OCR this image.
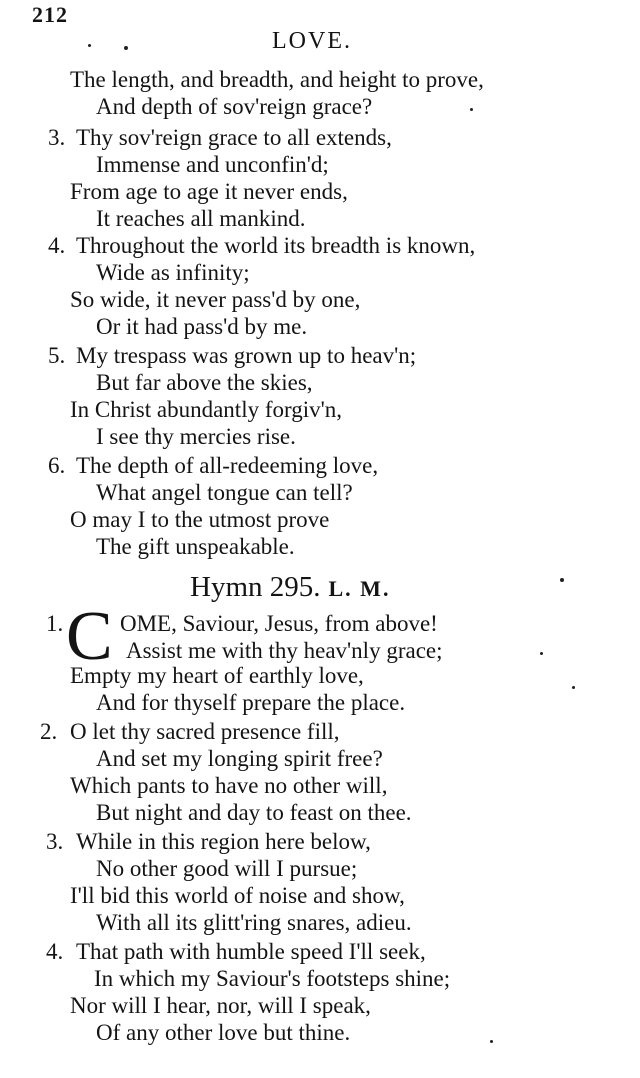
212
LOVE.
The length, and breadth, and height to prove,
And depth of sov'reign grace?
3. Thy sov'reign grace to all extends,
Immense and unconfin'd;
From age to age it never ends,
It reaches all mankind.
4. Throughout the world its breadth is known,
Wide as infinity;
So wide, it never pass'd by one,
Or it had pass'd by me.
5. My trespass was grown up to heav'n;
But far above the skies,
In Christ abundantly forgiv'n,
I see thy mercies rise.
6. The depth of all-redeeming love,
What angel tongue can tell?
O may I to the utmost prove
The gift unspeakable.
Hymn 295. L. M.
1. C OME, Saviour, Jesus, from above!
Assist me with thy heav'nly grace;
Empty my heart of earthly love,
And for thyself prepare the place.
2. O let thy sacred presence fill,
And set my longing spirit free?
Which pants to have no other will,
But night and day to feast on thee.
3. While in this region here below,
No other good will I pursue;
I'll bid this world of noise and show,
With all its glitt'ring snares, adieu.
4. That path with humble speed I'll seek,
In which my Saviour's footsteps shine;
Nor will I hear, nor, will I speak,
Of any other love but thine.
